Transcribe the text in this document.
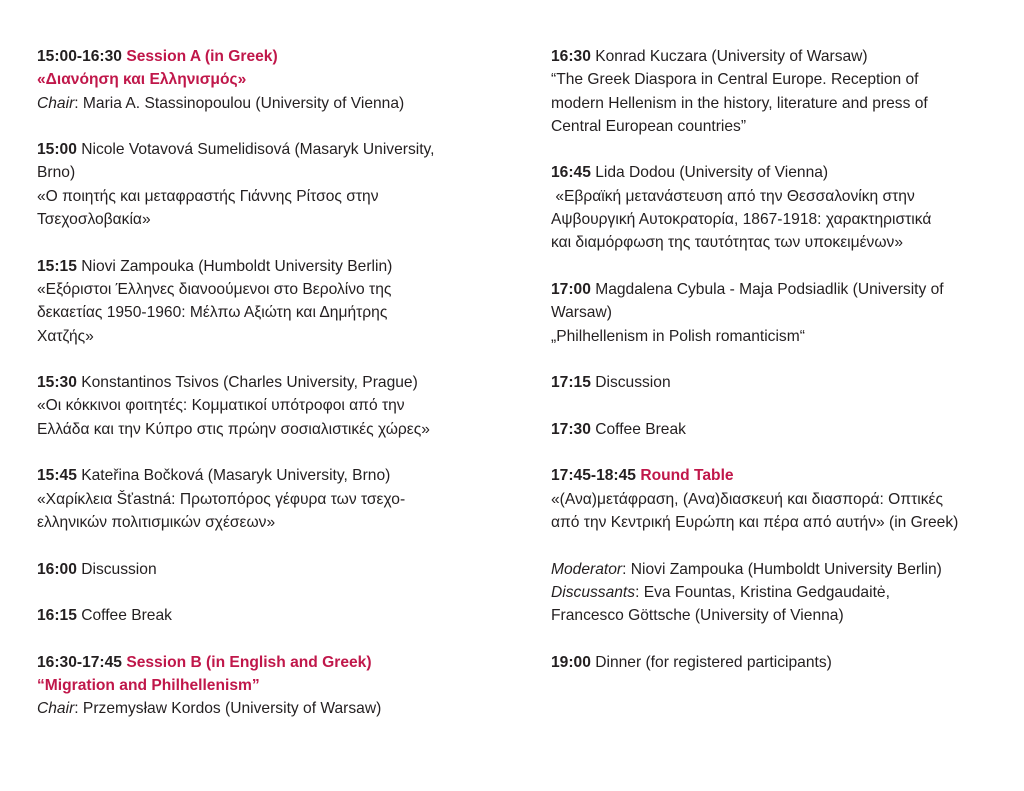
15:00-16:30 Session A (in Greek)
«Διανόηση και Ελληνισμός»
Chair: Maria A. Stassinopoulou (University of Vienna)
15:00 Nicole Votavová Sumelidisová (Masaryk University,
Brno)
«Ο ποιητής και μεταφραστής Γιάννης Ρίτσος στην
Τσεχοσλοβακία»
15:15 Niovi Zampouka (Humboldt University Berlin)
«Εξόριστοι Έλληνες διανοούμενοι στο Βερολίνο της
δεκαετίας 1950-1960: Μέλπω Αξιώτη και Δημήτρης
Χατζής»
15:30 Konstantinos Tsivos (Charles University, Prague)
«Οι κόκκινοι φοιτητές: Κομματικοί υπότροφοι από την
Ελλάδα και την Κύπρο στις πρώην σοσιαλιστικές χώρες»
15:45 Kateřina Bočková (Masaryk University, Brno)
«Χαρίκλεια Šťastná: Πρωτοπόρος γέφυρα των τσεχο-
ελληνικών πολιτισμικών σχέσεων»
16:00 Discussion
16:15 Coffee Break
16:30-17:45 Session B (in English and Greek)
“Migration and Philhellenism”
Chair: Przemysław Kordos (University of Warsaw)
16:30 Konrad Kuczara (University of Warsaw)
“The Greek Diaspora in Central Europe. Reception of
modern Hellenism in the history, literature and press of
Central European countries”
16:45 Lida Dodou (University of Vienna)
«Εβραϊκή μετανάστευση από την Θεσσαλονίκη στην
Αψβουργική Αυτοκρατορία, 1867-1918: χαρακτηριστικά
και διαμόρφωση της ταυτότητας των υποκειμένων»
17:00 Magdalena Cybula - Maja Podsiadlik (University of
Warsaw)
„Philhellenism in Polish romanticism“
17:15 Discussion
17:30 Coffee Break
17:45-18:45 Round Table
«(Ανα)μετάφραση, (Ανα)διασκευή και διασπορά: Οπτικές
από την Κεντρική Ευρώπη και πέρα από αυτήν» (in Greek)
Moderator: Niovi Zampouka (Humboldt University Berlin)
Discussants: Eva Fountas, Kristina Gedgaudaitė,
Francesco Göttsche (University of Vienna)
19:00 Dinner (for registered participants)
